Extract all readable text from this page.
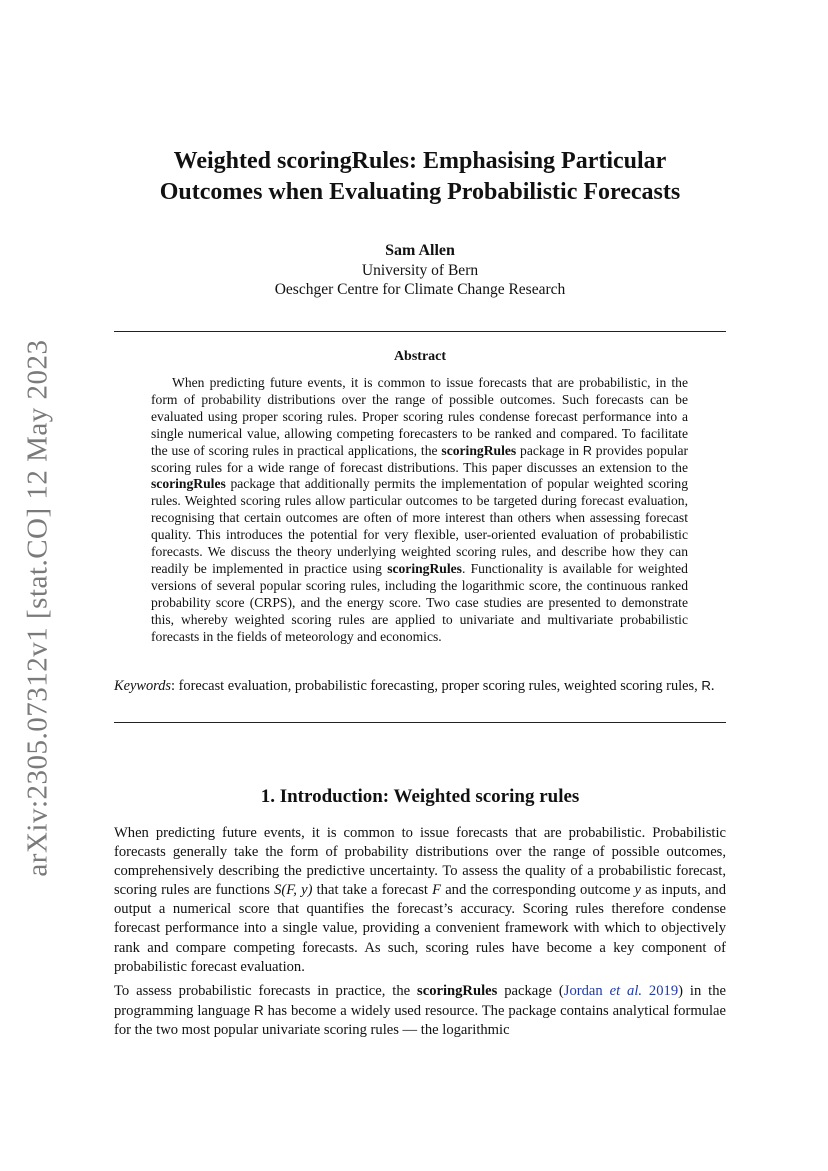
arXiv:2305.07312v1 [stat.CO] 12 May 2023
Weighted scoringRules: Emphasising Particular
Outcomes when Evaluating Probabilistic Forecasts
Sam Allen
University of Bern
Oeschger Centre for Climate Change Research
Abstract
When predicting future events, it is common to issue forecasts that are probabilistic, in the form of probability distributions over the range of possible outcomes. Such forecasts can be evaluated using proper scoring rules. Proper scoring rules condense forecast performance into a single numerical value, allowing competing forecasters to be ranked and compared. To facilitate the use of scoring rules in practical applications, the scoringRules package in R provides popular scoring rules for a wide range of forecast distributions. This paper discusses an extension to the scoringRules package that additionally permits the implementation of popular weighted scoring rules. Weighted scoring rules allow particular outcomes to be targeted during forecast evaluation, recognising that certain outcomes are often of more interest than others when assessing forecast quality. This introduces the potential for very flexible, user-oriented evaluation of probabilistic forecasts. We discuss the theory underlying weighted scoring rules, and describe how they can readily be implemented in practice using scoringRules. Functionality is available for weighted versions of several popular scoring rules, including the logarithmic score, the continuous ranked probability score (CRPS), and the energy score. Two case studies are presented to demonstrate this, whereby weighted scoring rules are applied to univariate and multivariate probabilistic forecasts in the fields of meteorology and economics.
Keywords: forecast evaluation, probabilistic forecasting, proper scoring rules, weighted scoring rules, R.
1. Introduction: Weighted scoring rules

When predicting future events, it is common to issue forecasts that are probabilistic. Probabilistic forecasts generally take the form of probability distributions over the range of possible outcomes, comprehensively describing the predictive uncertainty. To assess the quality of a probabilistic forecast, scoring rules are functions S(F, y) that take a forecast F and the corresponding outcome y as inputs, and output a numerical score that quantifies the forecast’s accuracy. Scoring rules therefore condense forecast performance into a single value, providing a convenient framework with which to objectively rank and compare competing forecasts. As such, scoring rules have become a key component of probabilistic forecast evaluation.

To assess probabilistic forecasts in practice, the scoringRules package (Jordan et al. 2019) in the programming language R has become a widely used resource. The package contains analytical formulae for the two most popular univariate scoring rules — the logarithmic
